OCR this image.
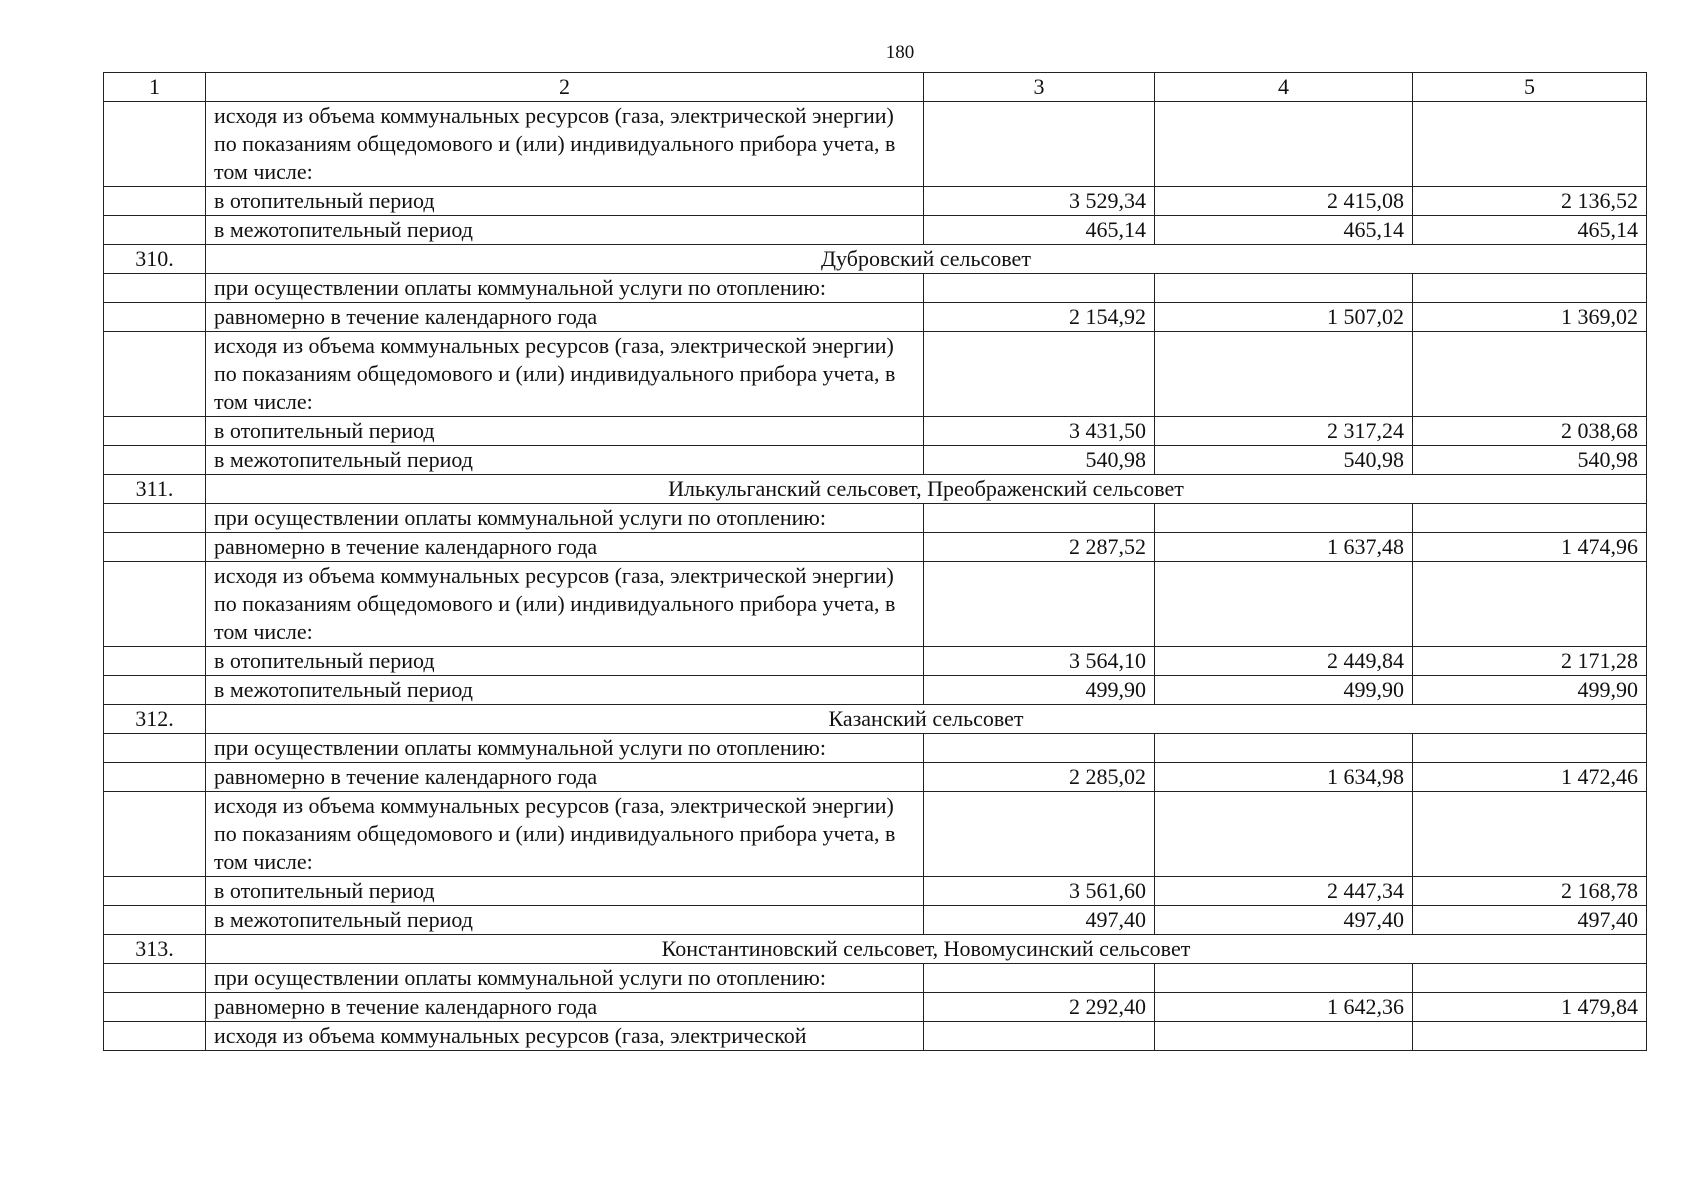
180
1	2	3	4	5
	исходя из объема коммунальных ресурсов (газа, электрической энергии) по показаниям общедомового и (или) индивидуального прибора учета, в том числе:			
	в отопительный период	3 529,34	2 415,08	2 136,52
	в межотопительный период	465,14	465,14	465,14
310.	Дубровский сельсовет			
	при осуществлении оплаты коммунальной услуги по отоплению:			
	равномерно в течение календарного года	2 154,92	1 507,02	1 369,02
	исходя из объема коммунальных ресурсов (газа, электрической энергии) по показаниям общедомового и (или) индивидуального прибора учета, в том числе:			
	в отопительный период	3 431,50	2 317,24	2 038,68
	в межотопительный период	540,98	540,98	540,98
311.	Илькульганский сельсовет, Преображенский сельсовет			
	при осуществлении оплаты коммунальной услуги по отоплению:			
	равномерно в течение календарного года	2 287,52	1 637,48	1 474,96
	исходя из объема коммунальных ресурсов (газа, электрической энергии) по показаниям общедомового и (или) индивидуального прибора учета, в том числе:			
	в отопительный период	3 564,10	2 449,84	2 171,28
	в межотопительный период	499,90	499,90	499,90
312.	Казанский сельсовет			
	при осуществлении оплаты коммунальной услуги по отоплению:			
	равномерно в течение календарного года	2 285,02	1 634,98	1 472,46
	исходя из объема коммунальных ресурсов (газа, электрической энергии) по показаниям общедомового и (или) индивидуального прибора учета, в том числе:			
	в отопительный период	3 561,60	2 447,34	2 168,78
	в межотопительный период	497,40	497,40	497,40
313.	Константиновский сельсовет, Новомусинский сельсовет			
	при осуществлении оплаты коммунальной услуги по отоплению:			
	равномерно в течение календарного года	2 292,40	1 642,36	1 479,84
	исходя из объема коммунальных ресурсов (газа, электрической			
